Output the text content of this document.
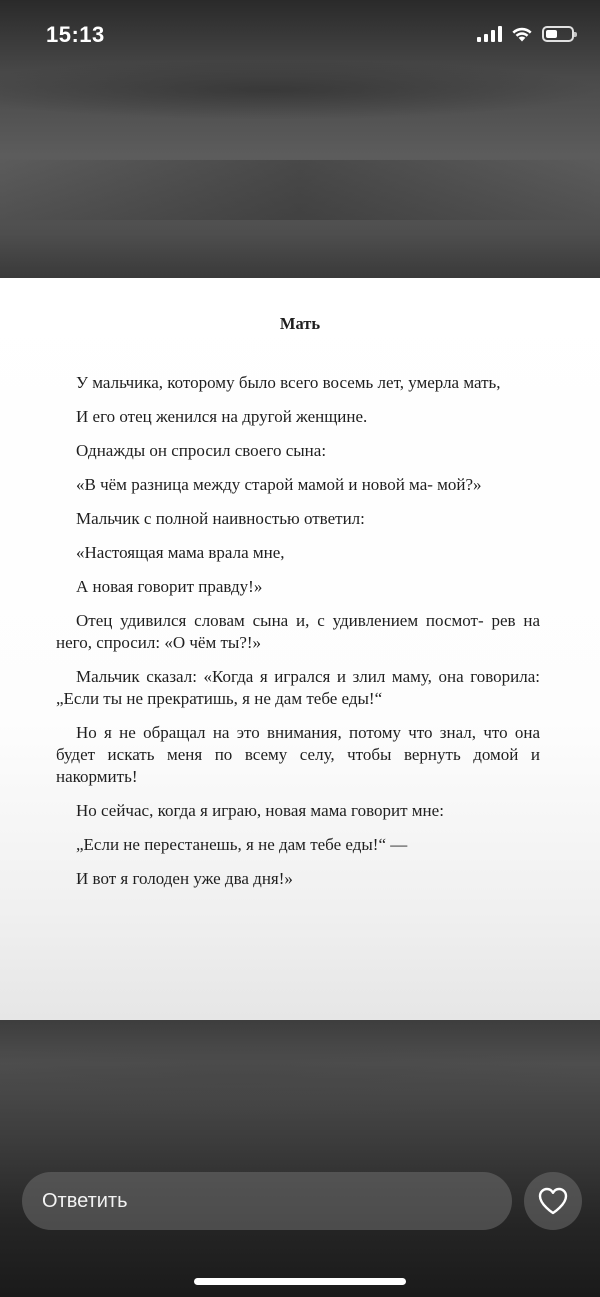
15:13
Мать

У мальчика, которому было всего восемь лет, умерла мать,

И его отец женился на другой женщине.

Однажды он спросил своего сына:

«В чём разница между старой мамой и новой ма- мой?»

Мальчик с полной наивностью ответил:

«Настоящая мама врала мне,

А новая говорит правду!»

Отец удивился словам сына и, с удивлением посмот- рев на него, спросил: «О чём ты?!»

Мальчик сказал: «Когда я игрался и злил маму, она говорила: „Если ты не прекратишь, я не дам тебе еды!“

Но я не обращал на это внимания, потому что знал, что она будет искать меня по всему селу, чтобы вернуть домой и накормить!

Но сейчас, когда я играю, новая мама говорит мне:

„Если не перестанешь, я не дам тебе еды!“ —

И вот я голоден уже два дня!»

Ответить
